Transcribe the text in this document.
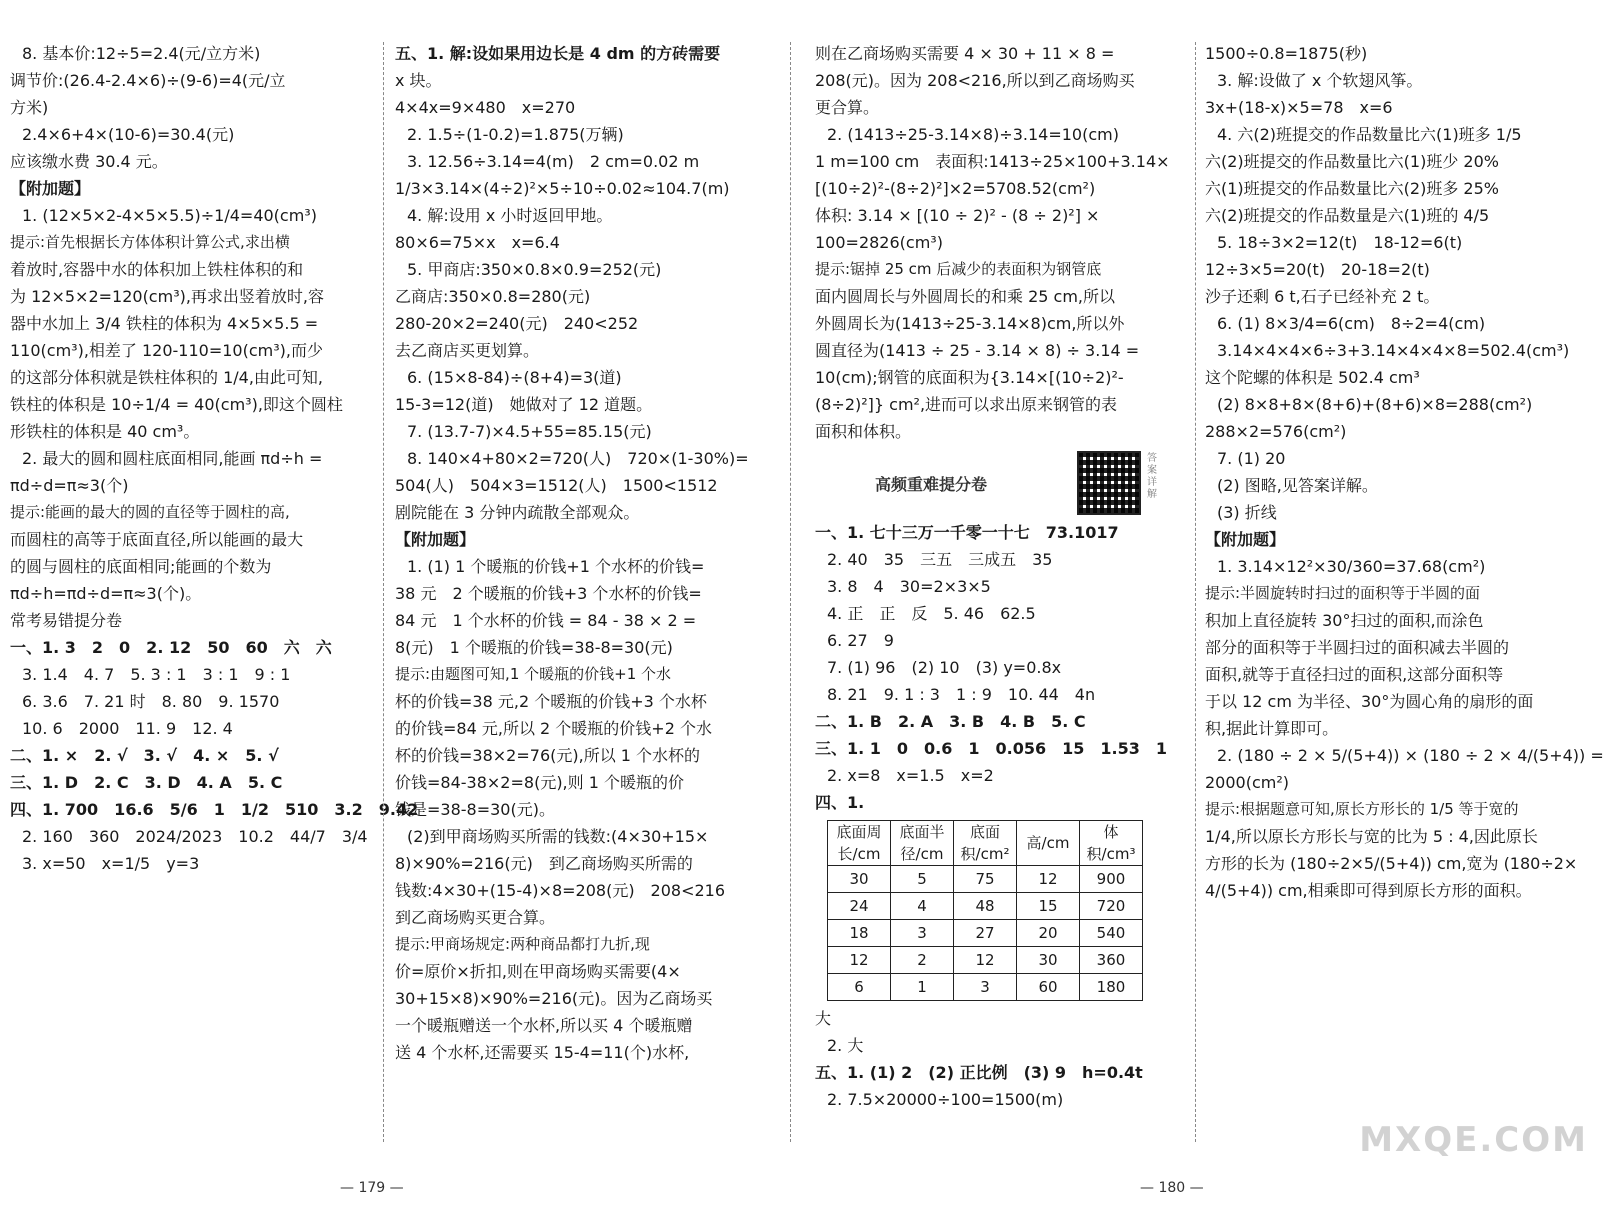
8. 基本价:12÷5=2.4(元/立方米)
调节价:(26.4-2.4×6)÷(9-6)=4(元/立
方米)
2.4×6+4×(10-6)=30.4(元)
应该缴水费 30.4 元。
【附加题】
1. (12×5×2-4×5×5.5)÷1/4=40(cm³)
提示:首先根据长方体体积计算公式,求出横
着放时,容器中水的体积加上铁柱体积的和
为 12×5×2=120(cm³),再求出竖着放时,容
器中水加上 3/4 铁柱的体积为 4×5×5.5 =
110(cm³),相差了 120-110=10(cm³),而少
的这部分体积就是铁柱体积的 1/4,由此可知,
铁柱的体积是 10÷1/4 = 40(cm³),即这个圆柱
形铁柱的体积是 40 cm³。
2. 最大的圆和圆柱底面相同,能画 πd÷h =
πd÷d=π≈3(个)
提示:能画的最大的圆的直径等于圆柱的高,
而圆柱的高等于底面直径,所以能画的最大
的圆与圆柱的底面相同;能画的个数为
πd÷h=πd÷d=π≈3(个)。
常考易错提分卷
一、1. 3　2　0　2. 12　50　60　六　六
3. 1.4　4. 7　5. 3 : 1　3 : 1　9 : 1
6. 3.6　7. 21 时　8. 80　9. 1570
10. 6　2000　11. 9　12. 4
二、1. ×　2. √　3. √　4. ×　5. √
三、1. D　2. C　3. D　4. A　5. C
四、1. 700　16.6　5/6　1　1/2　510　3.2　9.42
2. 160　360　2024/2023　10.2　44/7　3/4
3. x=50　x=1/5　y=3
五、1. 解:设如果用边长是 4 dm 的方砖需要
x 块。
4×4x=9×480　x=270
2. 1.5÷(1-0.2)=1.875(万辆)
3. 12.56÷3.14=4(m)　2 cm=0.02 m
1/3×3.14×(4÷2)²×5÷10÷0.02≈104.7(m)
4. 解:设用 x 小时返回甲地。
80×6=75×x　x=6.4
5. 甲商店:350×0.8×0.9=252(元)
乙商店:350×0.8=280(元)
280-20×2=240(元)　240<252
去乙商店买更划算。
6. (15×8-84)÷(8+4)=3(道)
15-3=12(道)　她做对了 12 道题。
7. (13.7-7)×4.5+55=85.15(元)
8. 140×4+80×2=720(人)　720×(1-30%)=
504(人)　504×3=1512(人)　1500<1512
剧院能在 3 分钟内疏散全部观众。
【附加题】
1. (1) 1 个暖瓶的价钱+1 个水杯的价钱=
38 元　2 个暖瓶的价钱+3 个水杯的价钱=
84 元　1 个水杯的价钱 = 84 - 38 × 2 =
8(元)　1 个暖瓶的价钱=38-8=30(元)
提示:由题图可知,1 个暖瓶的价钱+1 个水
杯的价钱=38 元,2 个暖瓶的价钱+3 个水杯
的价钱=84 元,所以 2 个暖瓶的价钱+2 个水
杯的价钱=38×2=76(元),所以 1 个水杯的
价钱=84-38×2=8(元),则 1 个暖瓶的价
钱是=38-8=30(元)。
(2)到甲商场购买所需的钱数:(4×30+15×
8)×90%=216(元)　到乙商场购买所需的
钱数:4×30+(15-4)×8=208(元)　208<216
到乙商场购买更合算。
提示:甲商场规定:两种商品都打九折,现
价=原价×折扣,则在甲商场购买需要(4×
30+15×8)×90%=216(元)。因为乙商场买
一个暖瓶赠送一个水杯,所以买 4 个暖瓶赠
送 4 个水杯,还需要买 15-4=11(个)水杯,
则在乙商场购买需要 4 × 30 + 11 × 8 =
208(元)。因为 208<216,所以到乙商场购买
更合算。
2. (1413÷25-3.14×8)÷3.14=10(cm)
1 m=100 cm　表面积:1413÷25×100+3.14×
[(10÷2)²-(8÷2)²]×2=5708.52(cm²)
体积: 3.14 × [(10 ÷ 2)² - (8 ÷ 2)²] ×
100=2826(cm³)
提示:锯掉 25 cm 后减少的表面积为钢管底
面内圆周长与外圆周长的和乘 25 cm,所以
外圆周长为(1413÷25-3.14×8)cm,所以外
圆直径为(1413 ÷ 25 - 3.14 × 8) ÷ 3.14 =
10(cm);钢管的底面积为{3.14×[(10÷2)²-
(8÷2)²]} cm²,进而可以求出原来钢管的表
面积和体积。
高频重难提分卷
答案详解
一、1. 七十三万一千零一十七　73.1017
2. 40　35　三五　三成五　35
3. 8　4　30=2×3×5
4. 正　正　反　5. 46　62.5
6. 27　9
7. (1) 96　(2) 10　(3) y=0.8x
8. 21　9. 1 : 3　1 : 9　10. 44　4n
二、1. B　2. A　3. B　4. B　5. C
三、1. 1　0　0.6　1　0.056　15　1.53　1
2. x=8　x=1.5　x=2
四、1.
底面周长/cm	底面半径/cm	底面积/cm²	高/cm	体积/cm³
30	5	75	12	900
24	4	48	15	720
18	3	27	20	540
12	2	12	30	360
6	1	3	60	180
大
2. 大
五、1. (1) 2　(2) 正比例　(3) 9　h=0.4t
2. 7.5×20000÷100=1500(m)
1500÷0.8=1875(秒)
3. 解:设做了 x 个软翅风筝。
3x+(18-x)×5=78　x=6
4. 六(2)班提交的作品数量比六(1)班多 1/5
六(2)班提交的作品数量比六(1)班少 20%
六(1)班提交的作品数量比六(2)班多 25%
六(2)班提交的作品数量是六(1)班的 4/5
5. 18÷3×2=12(t)　18-12=6(t)
12÷3×5=20(t)　20-18=2(t)
沙子还剩 6 t,石子已经补充 2 t。
6. (1) 8×3/4=6(cm)　8÷2=4(cm)
3.14×4×4×6÷3+3.14×4×4×8=502.4(cm³)
这个陀螺的体积是 502.4 cm³
(2) 8×8+8×(8+6)+(8+6)×8=288(cm²)
288×2=576(cm²)
7. (1) 20
(2) 图略,见答案详解。
(3) 折线
【附加题】
1. 3.14×12²×30/360=37.68(cm²)
提示:半圆旋转时扫过的面积等于半圆的面
积加上直径旋转 30°扫过的面积,而涂色
部分的面积等于半圆扫过的面积减去半圆的
面积,就等于直径扫过的面积,这部分面积等
于以 12 cm 为半径、30°为圆心角的扇形的面
积,据此计算即可。
2. (180 ÷ 2 × 5/(5+4)) × (180 ÷ 2 × 4/(5+4)) =
2000(cm²)
提示:根据题意可知,原长方形长的 1/5 等于宽的
1/4,所以原长方形长与宽的比为 5 : 4,因此原长
方形的长为 (180÷2×5/(5+4)) cm,宽为 (180÷2×
4/(5+4)) cm,相乘即可得到原长方形的面积。
— 179 —	— 180 —
MXQE.COM
